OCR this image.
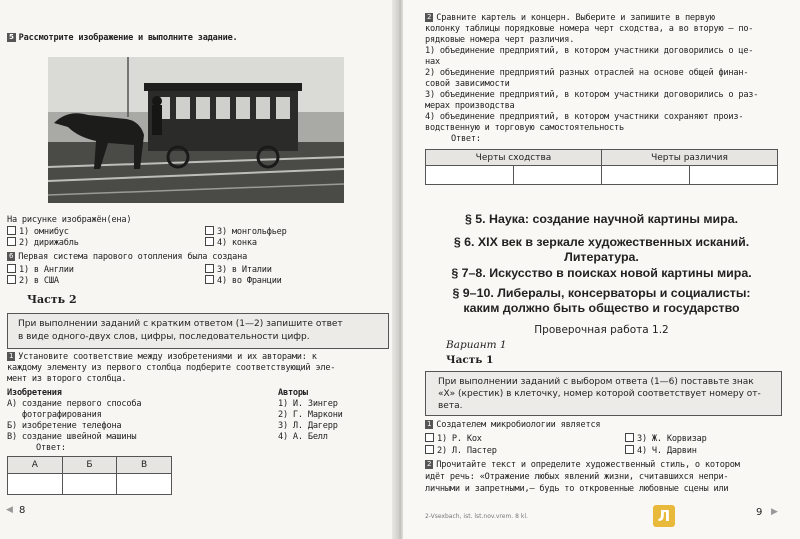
5 Рассмотрите изображение и выполните задание.
На рисунке изображён(ена)
1) омнибус
2) дирижабль
3) монгольфьер
4) конка
6 Первая система парового отопления была создана
1) в Англии
2) в США
3) в Италии
4) во Франции
Часть 2
При выполнении заданий с кратким ответом (1—2) запишите ответ
в виде одного-двух слов, цифры, последовательности цифр.
1 Установите соответствие между изобретениями и их авторами: к
каждому элементу из первого столбца подберите соответствующий эле-
мент из второго столбца.
Изобретения
А) создание первого способа
фотографирования
Б) изобретение телефона
В) создание швейной машины
Авторы
1) И. Зингер
2) Г. Маркони
3) Л. Дагерр
4) А. Белл
Ответ:
А	Б	В

◀ 8
2 Сравните картель и концерн. Выберите и запишите в первую
колонку таблицы порядковые номера черт сходства, а во вторую — по-
рядковые номера черт различия.
1) объединение предприятий, в котором участники договорились о це-
нах
2) объединение предприятий разных отраслей на основе общей финан-
совой зависимости
3) объединение предприятий, в котором участники договорились о раз-
мерах производства
4) объединение предприятий, в котором участники сохраняют произ-
водственную и торговую самостоятельность
Ответ:
Черты сходства		Черты различия	

§ 5. Наука: создание научной картины мира.
§ 6. XIX век в зеркале художественных исканий.
Литература.
§ 7–8. Искусство в поисках новой картины мира.
§ 9–10. Либералы, консерваторы и социалисты:
каким должно быть общество и государство
Проверочная работа 1.2
Вариант 1
Часть 1
При выполнении заданий с выбором ответа (1—6) поставьте знак
«Х» (крестик) в клеточку, номер которой соответствует номеру от-
вета.
1 Создателем микробиологии является
1) Р. Кох
2) Л. Пастер
3) Ж. Корвизар
4) Ч. Дарвин
2 Прочитайте текст и определите художественный стиль, о котором
идёт речь: «Отражение любых явлений жизни, считавшихся непри-
личными и запретными,— будь то откровенные любовные сцены или
2-Vsexbach, ist. lst.nov.vrem. 8 kl.	9 ▶
Л
